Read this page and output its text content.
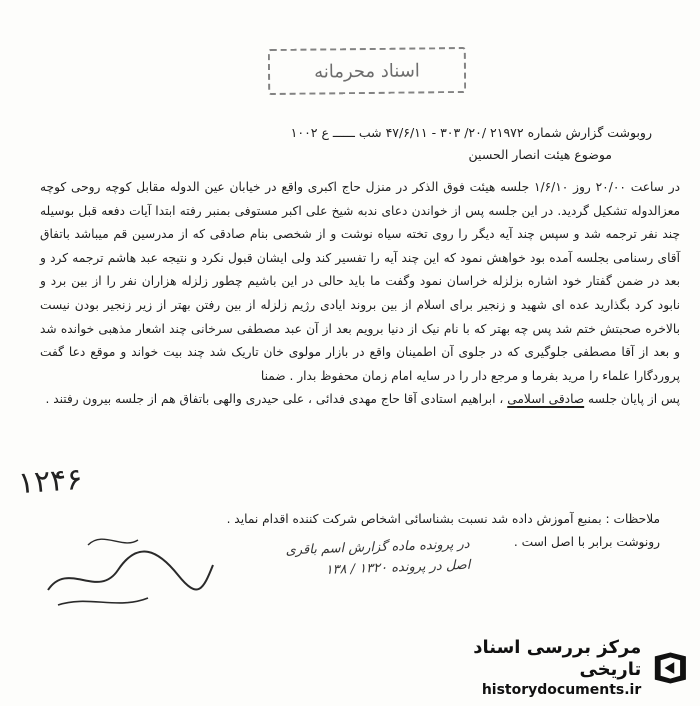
اسناد محرمانه
روبوشت گزارش شماره ۲۱۹۷۲ /۲۰/ ۳۰۳ - ۴۷/۶/۱۱ شب ــــــ ع ۱۰۰۲
موضوع هیئت انصار الحسین

در ساعت ۲۰/۰۰ روز ۱/۶/۱۰ جلسه هیئت فوق الذکر در منزل حاج اکبری واقع در خیابان عین الدوله مقابل کوچه روحی کوچه معزالدوله تشکیل گردید. در این جلسه پس از خواندن دعای ندبه شیخ علی اکبر مستوفی بمنبر رفته ابتدا آیات دفعه قبل بوسیله چند نفر ترجمه شد و سپس چند آیه دیگر را روی تخته سیاه نوشت و از شخصی بنام صادقی که از مدرسین قم میباشد باتفاق آقای رسنامی بجلسه آمده بود خواهش نمود که این چند آیه را تفسیر کند ولی ایشان قبول نکرد و نتیجه عبد هاشم ترجمه کرد و بعد در ضمن گفتار خود اشاره بزلزله خراسان نمود وگفت ما باید حالی در این باشیم چطور زلزله هزاران نفر را از بین برد و نابود کرد بگذارید عده ای شهید و زنجیر برای اسلام از بین بروند ایادی رژیم زلزله از بین رفتن بهتر از زیر زنجیر بودن نیست بالاخره صحبتش ختم شد پس چه بهتر که با نام نیک از دنیا برویم بعد از آن عبد مصطفی سرخانی چند اشعار مذهبی خوانده شد و بعد از آقا مصطفی جلوگیری که در جلوی آن اطمینان واقع در بازار مولوی خان تاریک شد چند بیت خواند و موقع دعا گفت پروردگارا علماء را مرید بفرما و مرجع دار را در سایه امام زمان محفوظ بدار . ضمنا

پس از پایان جلسه صادقی اسلامی ، ابراهیم استادی آقا حاج مهدی فدائی ، علی حیدری والهی باتفاق هم از جلسه بیرون رفتند .

ملاحظات : بمنبع آموزش داده شد نسبت بشناسائی اشخاص شرکت کننده اقدام نماید .
رونوشت برابر با اصل است .
۱۲۴۶
در پرونده ماده گزارش اسم باقری
اصل در پرونده ۱۳۲۰ / ۱۳۸
مرکز بررسی اسناد تاریخی
historydocuments.ir
